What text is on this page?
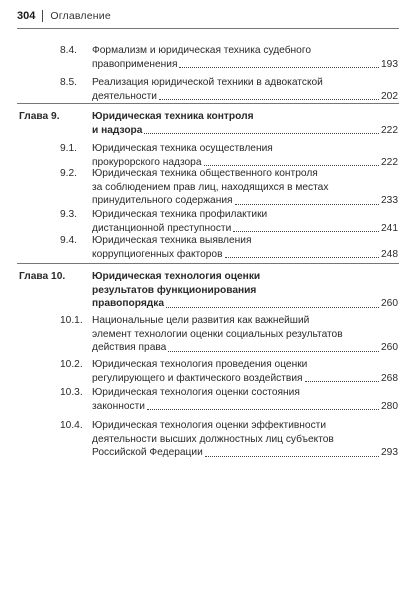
304 Оглавление
8.4. Формализм и юридическая техника судебного
правоприменения	193
8.5. Реализация юридической техники в адвокатской
деятельности	202
Глава 9.	Юридическая техника контроля
и надзора	222
9.1. Юридическая техника осуществления
прокурорского надзора	222
9.2. Юридическая техника общественного контроля
за соблюдением прав лиц, находящихся в местах
принудительного содержания	233
9.3. Юридическая техника профилактики
дистанционной преступности	241
9.4. Юридическая техника выявления
коррупциогенных факторов	248
Глава 10.	Юридическая технология оценки
результатов функционирования
правопорядка	260
10.1. Национальные цели развития как важнейший
элемент технологии оценки социальных результатов
действия права	260
10.2. Юридическая технология проведения оценки
регулирующего и фактического воздействия	268
10.3. Юридическая технология оценки состояния
законности	280
10.4. Юридическая технология оценки эффективности
деятельности высших должностных лиц субъектов
Российской Федерации	293
